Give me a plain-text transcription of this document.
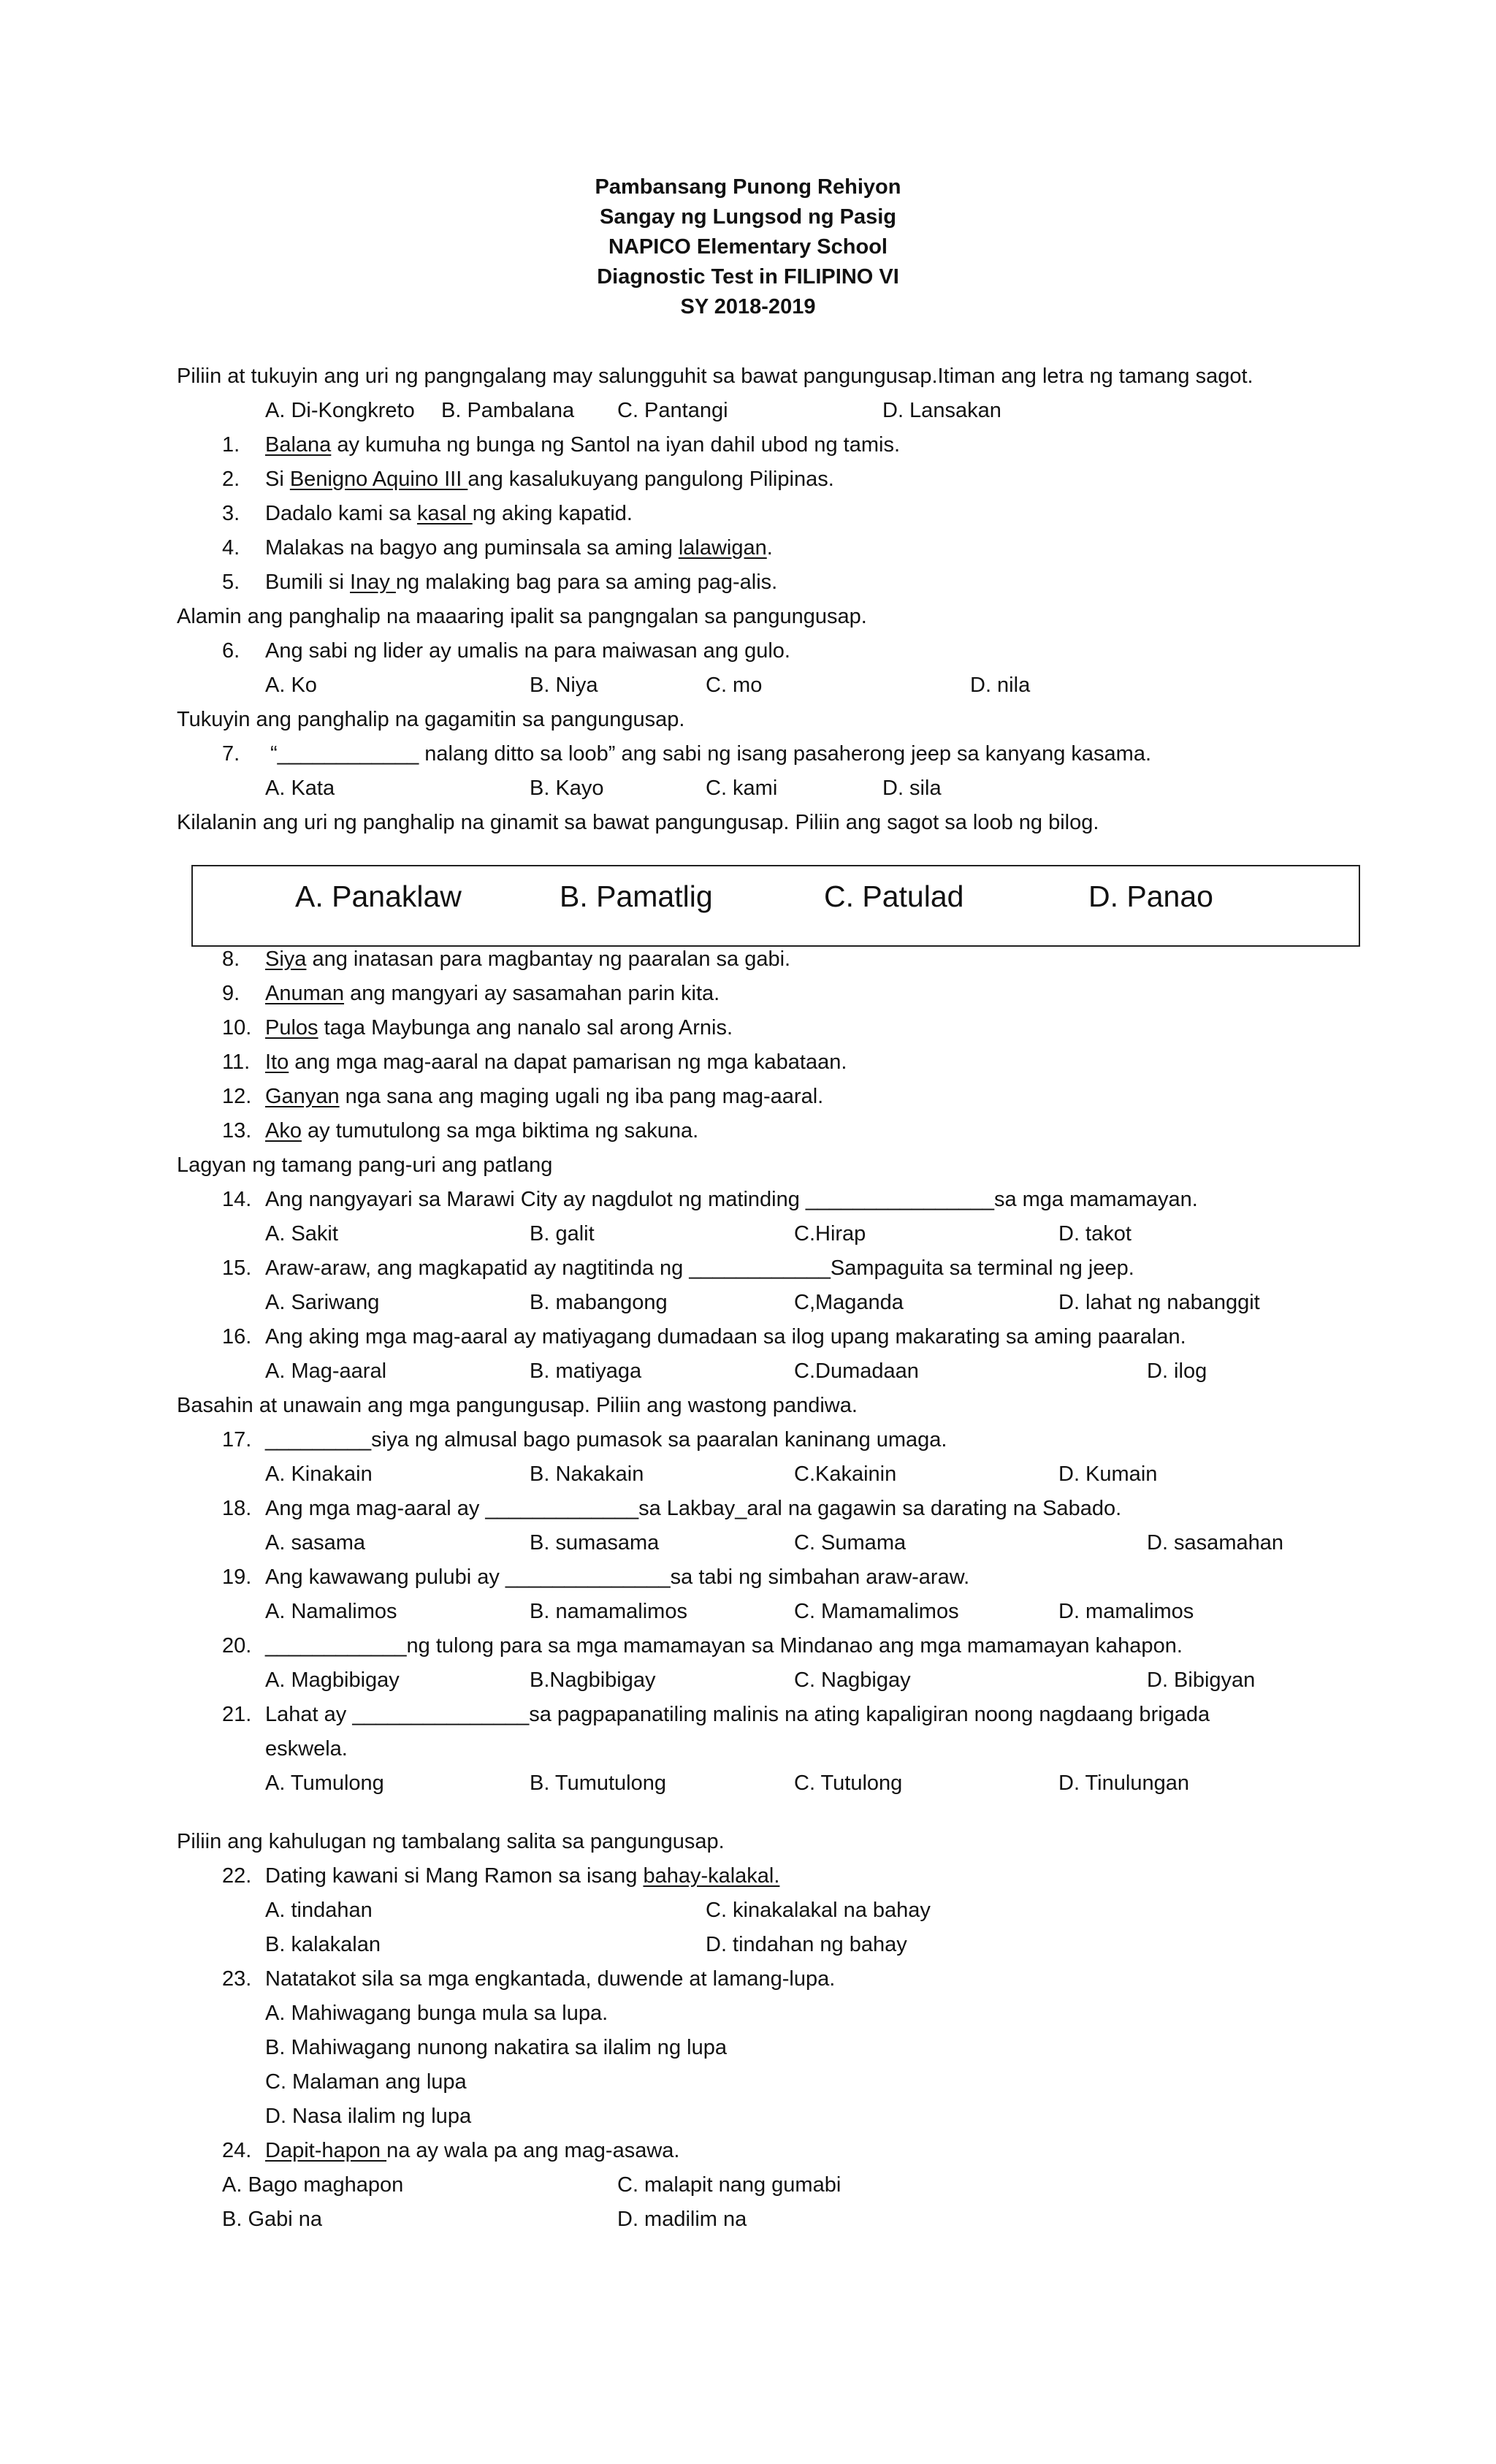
Pambansang Punong Rehiyon
Sangay ng Lungsod ng Pasig
NAPICO Elementary School
Diagnostic Test in FILIPINO VI
SY 2018-2019
Piliin at tukuyin ang uri ng pangngalang may salungguhit sa bawat pangungusap.Itiman ang letra ng tamang sagot.
A. Di-Kongkreto B. Pambalana C. Pantangi	D. Lansakan
1. Balana ay kumuha ng bunga ng Santol na iyan dahil ubod ng tamis.
2. Si Benigno Aquino III ang kasalukuyang pangulong Pilipinas.
3. Dadalo kami sa kasal ng aking kapatid.
4. Malakas na bagyo ang puminsala sa aming lalawigan.
5. Bumili si Inay ng malaking bag para sa aming pag-alis.
Alamin ang panghalip na maaaring ipalit sa pangngalan sa pangungusap.
6. Ang sabi ng lider ay umalis na para maiwasan ang gulo.
A. Ko	B. Niya	C. mo	D. nila
Tukuyin ang panghalip na gagamitin sa pangungusap.
7. “____________ nalang ditto sa loob” ang sabi ng isang pasaherong jeep sa kanyang kasama.
A. Kata	B. Kayo	C. kami	D. sila
Kilalanin ang uri ng panghalip na ginamit sa bawat pangungusap. Piliin ang sagot sa loob ng bilog.
A. Panaklaw	B. Pamatlig	C. Patulad	D. Panao
8. Siya ang inatasan para magbantay ng paaralan sa gabi.
9. Anuman ang mangyari ay sasamahan parin kita.
10. Pulos taga Maybunga ang nanalo sal arong Arnis.
11. Ito ang mga mag-aaral na dapat pamarisan ng mga kabataan.
12. Ganyan nga sana ang maging ugali ng iba pang mag-aaral.
13. Ako ay tumutulong sa mga biktima ng sakuna.
Lagyan ng tamang pang-uri ang patlang
14. Ang nangyayari sa Marawi City ay nagdulot ng matinding ________________sa mga mamamayan.
A. Sakit	B. galit	C.Hirap	D. takot
15. Araw-araw, ang magkapatid ay nagtitinda ng ____________Sampaguita sa terminal ng jeep.
A. Sariwang	B. mabangong	C,Maganda	D. lahat ng nabanggit
16. Ang aking mga mag-aaral ay matiyagang dumadaan sa ilog upang makarating sa aming paaralan.
A. Mag-aaral	B. matiyaga	C.Dumadaan	D. ilog
Basahin at unawain ang mga pangungusap. Piliin ang wastong pandiwa.
17. _________siya ng almusal bago pumasok sa paaralan kaninang umaga.
A. Kinakain	B. Nakakain	C.Kakainin	D. Kumain
18. Ang mga mag-aaral ay _____________sa Lakbay_aral na gagawin sa darating na Sabado.
A. sasama	B. sumasama	C. Sumama	D. sasamahan
19. Ang kawawang pulubi ay ______________sa tabi ng simbahan araw-araw.
A. Namalimos	B. namamalimos	C. Mamamalimos	D. mamalimos
20. ____________ng tulong para sa mga mamamayan sa Mindanao ang mga mamamayan kahapon.
A. Magbibigay	B.Nagbibigay	C. Nagbigay	D. Bibigyan
21. Lahat ay _______________sa pagpapanatiling malinis na ating kapaligiran noong nagdaang brigada
eskwela.
A. Tumulong	B. Tumutulong	C. Tutulong	D. Tinulungan
Piliin ang kahulugan ng tambalang salita sa pangungusap.
22. Dating kawani si Mang Ramon sa isang bahay-kalakal.
A. tindahan	C. kinakalakal na bahay
B. kalakalan	D. tindahan ng bahay
23. Natatakot sila sa mga engkantada, duwende at lamang-lupa.
A. Mahiwagang bunga mula sa lupa.
B. Mahiwagang nunong nakatira sa ilalim ng lupa
C. Malaman ang lupa
D. Nasa ilalim ng lupa
24. Dapit-hapon na ay wala pa ang mag-asawa.
A. Bago maghapon	C. malapit nang gumabi
B. Gabi na	D. madilim na
